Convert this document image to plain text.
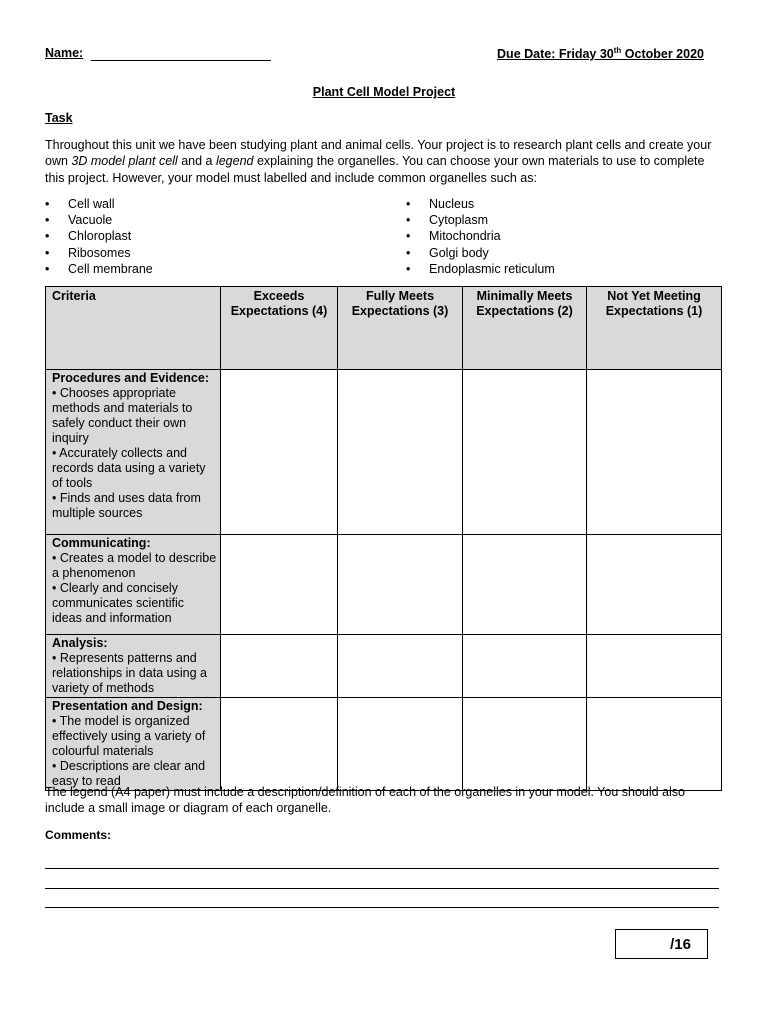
Name:	Due Date: Friday 30th October 2020
Plant Cell Model Project
Task
Throughout this unit we have been studying plant and animal cells. Your project is to research plant cells and create your own 3D model plant cell and a legend explaining the organelles. You can choose your own materials to use to complete this project. However, your model must labelled and include common organelles such as:
• Cell wall
• Vacuole
• Chloroplast
• Ribosomes
• Cell membrane
• Nucleus
• Cytoplasm
• Mitochondria
• Golgi body
• Endoplasmic reticulum
Criteria	Exceeds Expectations (4)	Fully Meets Expectations (3)	Minimally Meets Expectations (2)	Not Yet Meeting Expectations (1)

Procedures and Evidence:
• Chooses appropriate methods and materials to safely conduct their own inquiry
• Accurately collects and records data using a variety of tools
• Finds and uses data from multiple sources				

Communicating:
• Creates a model to describe a phenomenon
• Clearly and concisely communicates scientific ideas and information				

Analysis:
• Represents patterns and relationships in data using a variety of methods				

Presentation and Design:
• The model is organized effectively using a variety of colourful materials
• Descriptions are clear and easy to read				

The legend (A4 paper) must include a description/definition of each of the organelles in your model. You should also include a small image or diagram of each organelle.
Comments:
/16
